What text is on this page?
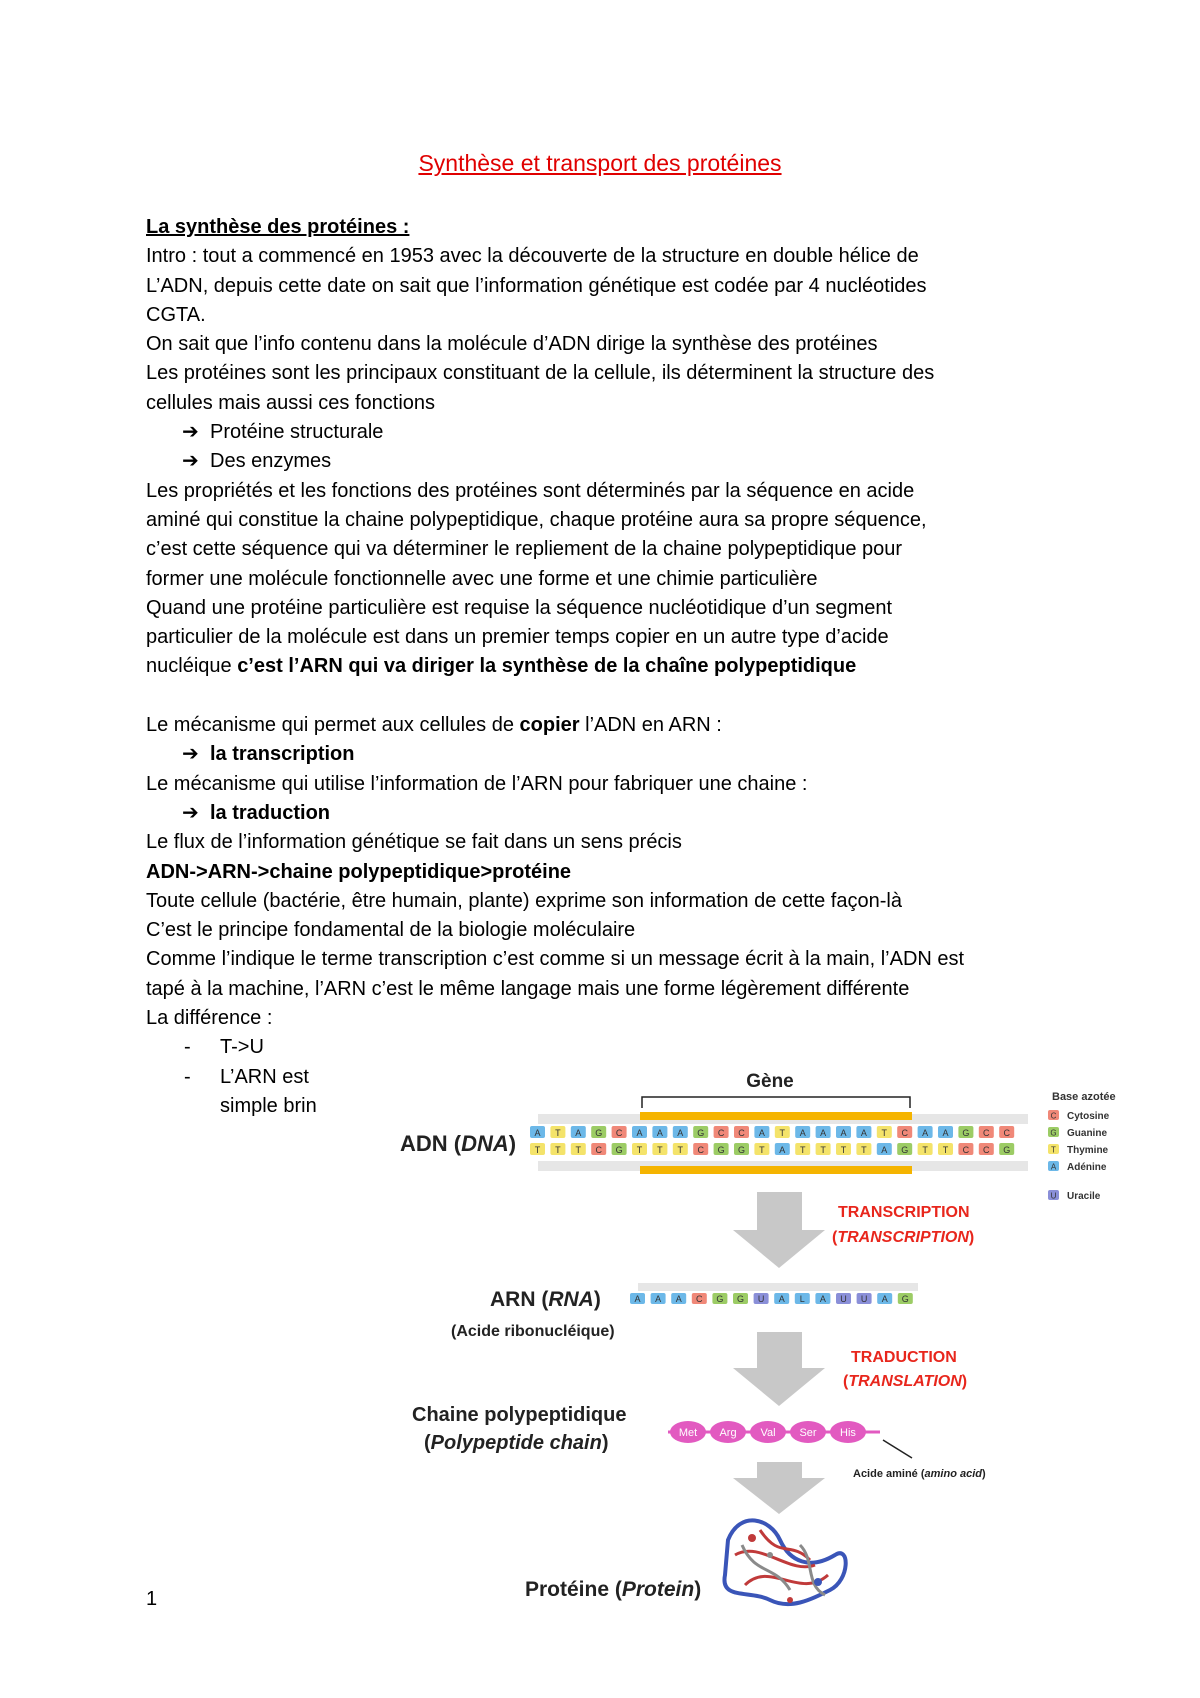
Synthèse et transport des protéines
La synthèse des protéines :
Intro : tout a commencé en 1953 avec la découverte de la structure en double hélice de
L’ADN, depuis cette date on sait que l’information génétique est codée par 4 nucléotides
CGTA.
On sait que l’info contenu dans la molécule d’ADN dirige la synthèse des protéines
Les protéines sont les principaux constituant de la cellule, ils déterminent la structure des
cellules mais aussi ces fonctions
➔ Protéine structurale
➔ Des enzymes
Les propriétés et les fonctions des protéines sont déterminés par la séquence en acide
aminé qui constitue la chaine polypeptidique, chaque protéine aura sa propre séquence,
c’est cette séquence qui va déterminer le repliement de la chaine polypeptidique pour
former une molécule fonctionnelle avec une forme et une chimie particulière
Quand une protéine particulière est requise la séquence nucléotidique d’un segment
particulier de la molécule est dans un premier temps copier en un autre type d’acide
nucléique c’est l’ARN qui va diriger la synthèse de la chaîne polypeptidique
Le mécanisme qui permet aux cellules de copier l’ADN en ARN :
➔ la transcription
Le mécanisme qui utilise l’information de l’ARN pour fabriquer une chaine :
➔ la traduction
Le flux de l’information génétique se fait dans un sens précis
ADN->ARN->chaine polypeptidique>protéine
Toute cellule (bactérie, être humain, plante) exprime son information de cette façon-là
C’est le principe fondamental de la biologie moléculaire
Comme l’indique le terme transcription c’est comme si un message écrit à la main, l’ADN est
tapé à la machine, l’ARN c’est le même langage mais une forme légèrement différente
La différence :
- T->U
- L’ARN est
simple brin
Gène
ADN (DNA) A T A G C A A A G C C A T A A A A T C A A G C C
T T T C G T T T C G G T A T T T T A G T T C C G
Base azotée
C Cytosine
G Guanine
T Thymine
A Adénine
U Uracile
TRANSCRIPTION
(TRANSCRIPTION)
ARN (RNA)
(Acide ribonucléique)
A A A C G G U A L A U U A G
TRADUCTION
(TRANSLATION)
Chaine polypeptidique
(Polypeptide chain)	Met Arg Val Ser His
Acide aminé (amino acid)
Protéine (Protein)
1
